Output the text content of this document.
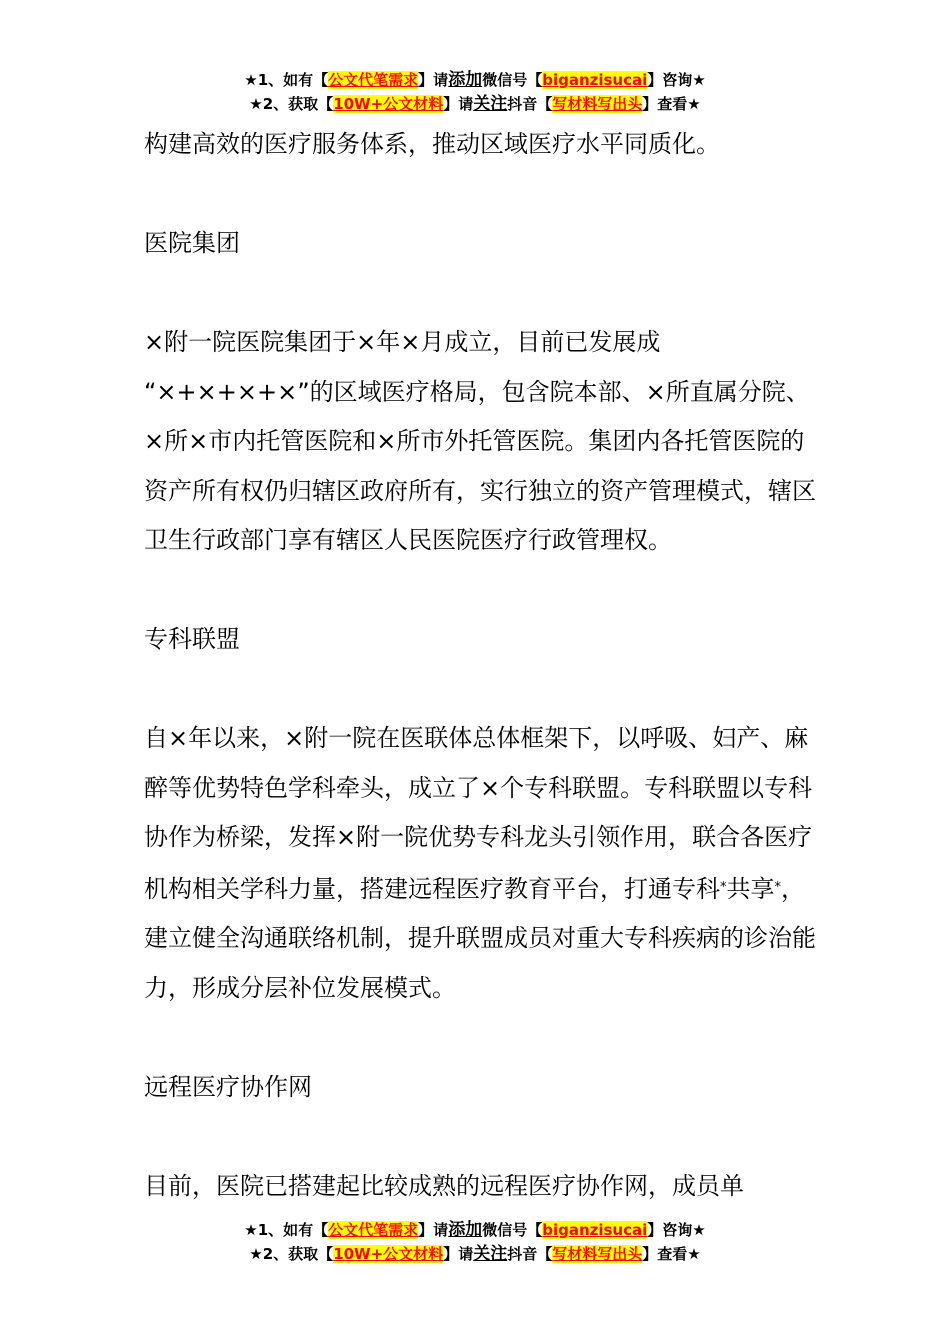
★1、如有【公文代笔需求】请添加微信号【biganzisucai】咨询★
★2、获取【10W+公文材料】请关注抖音【写材料写出头】查看★

构建高效的医疗服务体系，推动区域医疗水平同质化。

医院集团

×附一院医院集团于×年×月成立，目前已发展成 “×+×+×+×”的区域医疗格局，包含院本部、×所直属分院、×所×市内托管医院和×所市外托管医院。集团内各托管医院的资产所有权仍归辖区政府所有，实行独立的资产管理模式，辖区卫生行政部门享有辖区人民医院医疗行政管理权。

专科联盟

自×年以来，×附一院在医联体总体框架下，以呼吸、妇产、麻醉等优势特色学科牵头，成立了×个专科联盟。专科联盟以专科协作为桥梁，发挥×附一院优势专科龙头引领作用，联合各医疗机构相关学科力量，搭建远程医疗教育平台，打通专科*共享*，建立健全沟通联络机制，提升联盟成员对重大专科疾病的诊治能力，形成分层补位发展模式。

远程医疗协作网

目前，医院已搭建起比较成熟的远程医疗协作网，成员单

★1、如有【公文代笔需求】请添加微信号【biganzisucai】咨询★
★2、获取【10W+公文材料】请关注抖音【写材料写出头】查看★
